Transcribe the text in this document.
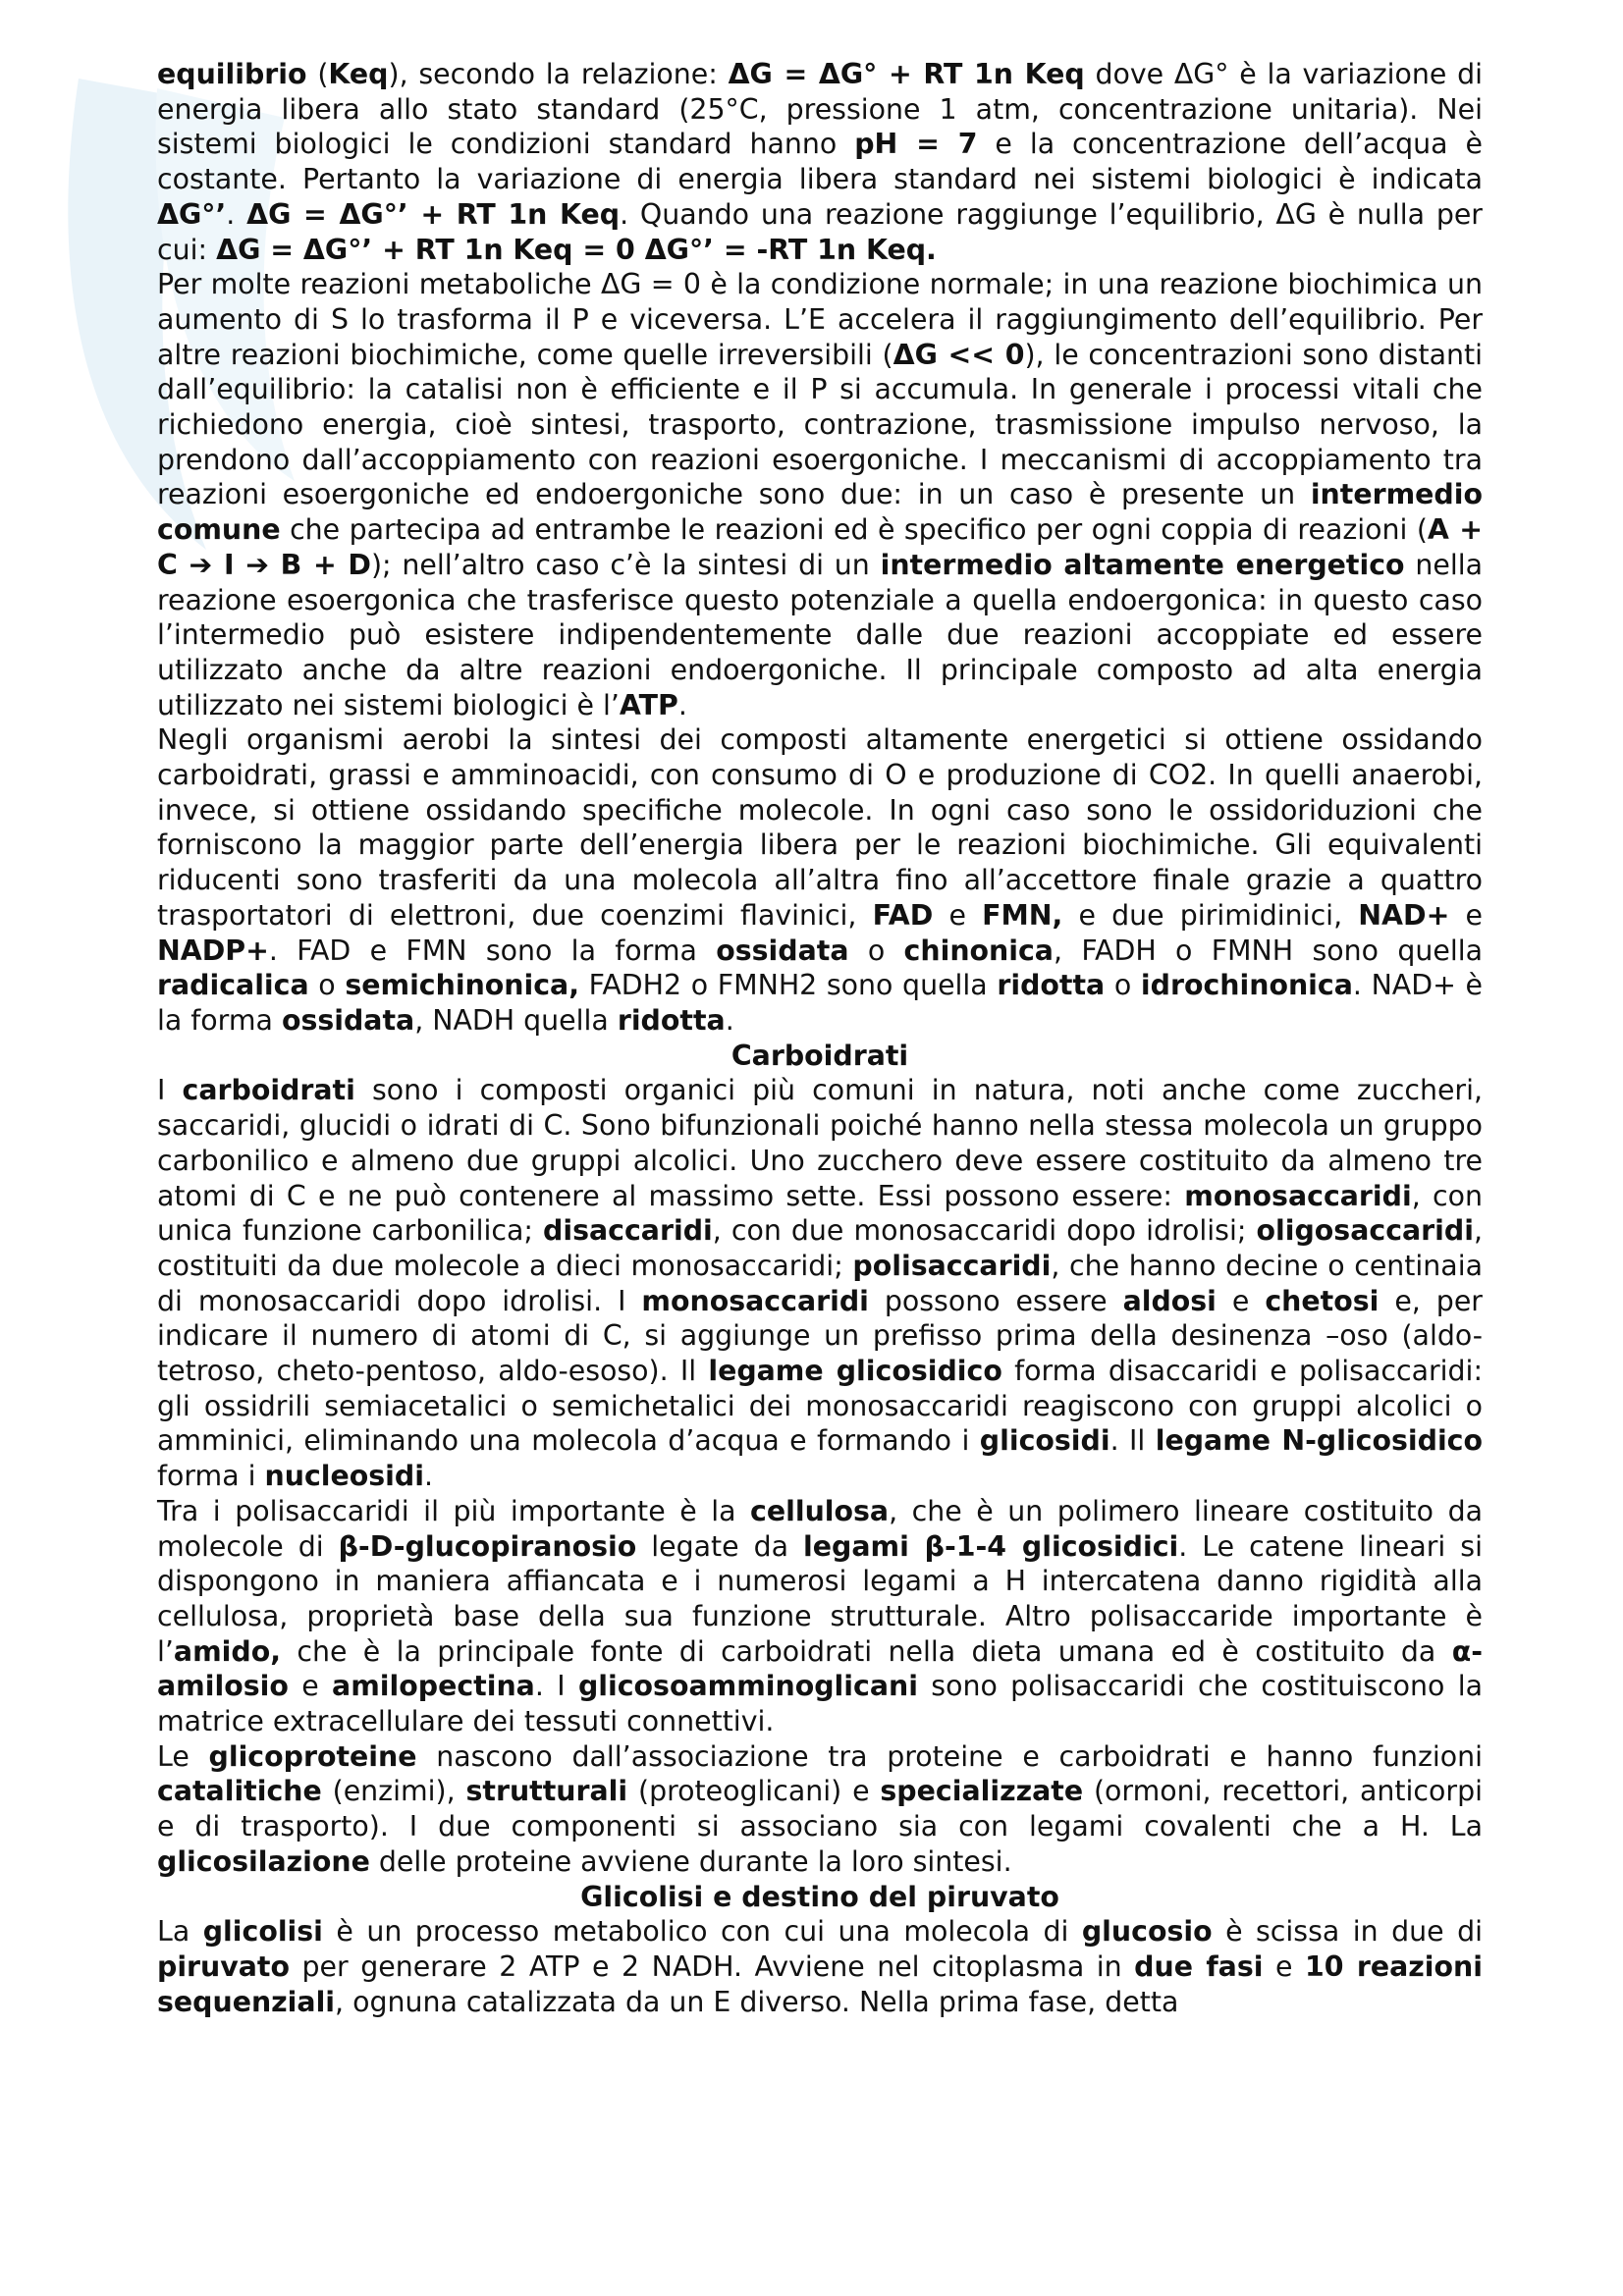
equilibrio (Keq), secondo la relazione: ΔG = ΔG° + RT 1n Keq dove ΔG° è la variazione di energia libera allo stato standard (25°C, pressione 1 atm, concentrazione unitaria). Nei sistemi biologici le condizioni standard hanno pH = 7 e la concentrazione dell’acqua è costante. Pertanto la variazione di energia libera standard nei sistemi biologici è indicata ΔG°’. ΔG = ΔG°’ + RT 1n Keq. Quando una reazione raggiunge l’equilibrio, ΔG è nulla per cui: ΔG = ΔG°’ + RT 1n Keq = 0 ΔG°’ = -RT 1n Keq.

Per molte reazioni metaboliche ΔG = 0 è la condizione normale; in una reazione biochimica un aumento di S lo trasforma il P e viceversa. L’E accelera il raggiungimento dell’equilibrio. Per altre reazioni biochimiche, come quelle irreversibili (ΔG << 0), le concentrazioni sono distanti dall’equilibrio: la catalisi non è efficiente e il P si accumula. In generale i processi vitali che richiedono energia, cioè sintesi, trasporto, contrazione, trasmissione impulso nervoso, la prendono dall’accoppiamento con reazioni esoergoniche. I meccanismi di accoppiamento tra reazioni esoergoniche ed endoergoniche sono due: in un caso è presente un intermedio comune che partecipa ad entrambe le reazioni ed è specifico per ogni coppia di reazioni (A + C ➔ I ➔ B + D); nell’altro caso c’è la sintesi di un intermedio altamente energetico nella reazione esoergonica che trasferisce questo potenziale a quella endoergonica: in questo caso l’intermedio può esistere indipendentemente dalle due reazioni accoppiate ed essere utilizzato anche da altre reazioni endoergoniche. Il principale composto ad alta energia utilizzato nei sistemi biologici è l’ATP.

Negli organismi aerobi la sintesi dei composti altamente energetici si ottiene ossidando carboidrati, grassi e amminoacidi, con consumo di O e produzione di CO2. In quelli anaerobi, invece, si ottiene ossidando specifiche molecole. In ogni caso sono le ossidoriduzioni che forniscono la maggior parte dell’energia libera per le reazioni biochimiche. Gli equivalenti riducenti sono trasferiti da una molecola all’altra fino all’accettore finale grazie a quattro trasportatori di elettroni, due coenzimi flavinici, FAD e FMN, e due pirimidinici, NAD+ e NADP+. FAD e FMN sono la forma ossidata o chinonica, FADH o FMNH sono quella radicalica o semichinonica, FADH2 o FMNH2 sono quella ridotta o idrochinonica. NAD+ è la forma ossidata, NADH quella ridotta.

Carboidrati

I carboidrati sono i composti organici più comuni in natura, noti anche come zuccheri, saccaridi, glucidi o idrati di C. Sono bifunzionali poiché hanno nella stessa molecola un gruppo carbonilico e almeno due gruppi alcolici. Uno zucchero deve essere costituito da almeno tre atomi di C e ne può contenere al massimo sette. Essi possono essere: monosaccaridi, con unica funzione carbonilica; disaccaridi, con due monosaccaridi dopo idrolisi; oligosaccaridi, costituiti da due molecole a dieci monosaccaridi; polisaccaridi, che hanno decine o centinaia di monosaccaridi dopo idrolisi. I monosaccaridi possono essere aldosi e chetosi e, per indicare il numero di atomi di C, si aggiunge un prefisso prima della desinenza –oso (aldo-tetroso, cheto-pentoso, aldo-esoso). Il legame glicosidico forma disaccaridi e polisaccaridi: gli ossidrili semiacetalici o semichetalici dei monosaccaridi reagiscono con gruppi alcolici o amminici, eliminando una molecola d’acqua e formando i glicosidi. Il legame N-glicosidico forma i nucleosidi.

Tra i polisaccaridi il più importante è la cellulosa, che è un polimero lineare costituito da molecole di β-D-glucopiranosio legate da legami β-1-4 glicosidici. Le catene lineari si dispongono in maniera affiancata e i numerosi legami a H intercatena danno rigidità alla cellulosa, proprietà base della sua funzione strutturale. Altro polisaccaride importante è l’amido, che è la principale fonte di carboidrati nella dieta umana ed è costituito da α-amilosio e amilopectina. I glicosoamminoglicani sono polisaccaridi che costituiscono la matrice extracellulare dei tessuti connettivi.

Le glicoproteine nascono dall’associazione tra proteine e carboidrati e hanno funzioni catalitiche (enzimi), strutturali (proteoglicani) e specializzate (ormoni, recettori, anticorpi e di trasporto). I due componenti si associano sia con legami covalenti che a H. La glicosilazione delle proteine avviene durante la loro sintesi.

Glicolisi e destino del piruvato

La glicolisi è un processo metabolico con cui una molecola di glucosio è scissa in due di piruvato per generare 2 ATP e 2 NADH. Avviene nel citoplasma in due fasi e 10 reazioni sequenziali, ognuna catalizzata da un E diverso. Nella prima fase, detta
